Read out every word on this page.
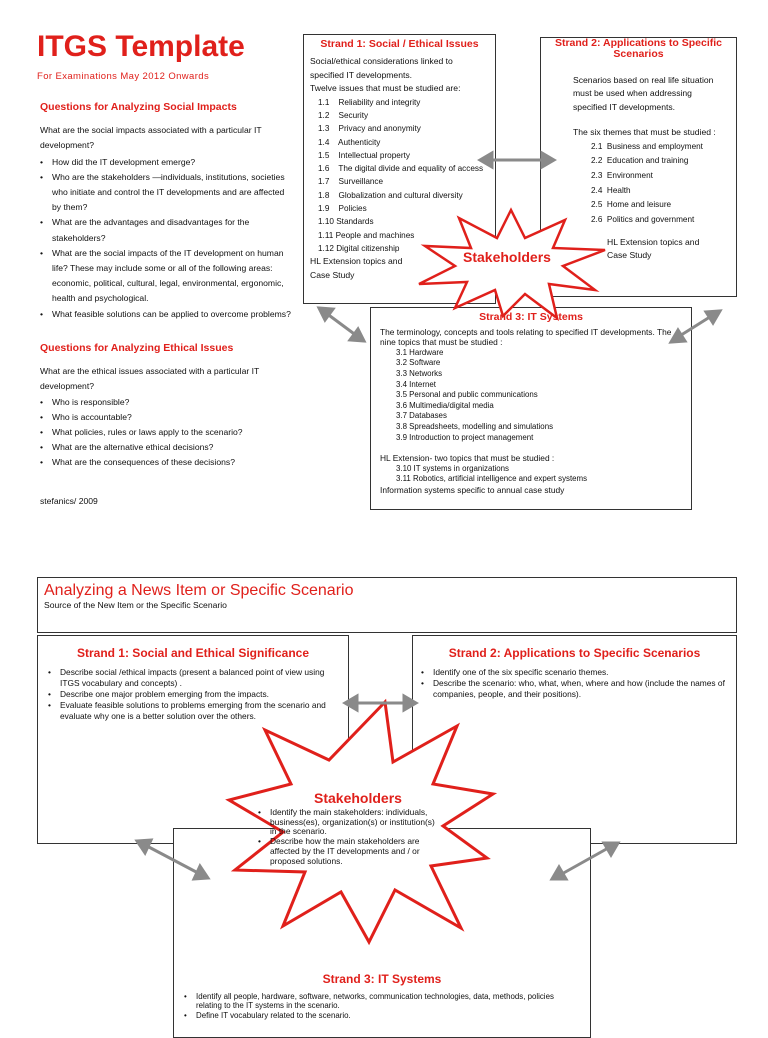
ITGS Template
For Examinations May 2012 Onwards
Questions for Analyzing Social Impacts
What are the social impacts associated with a particular IT development?
• How did the IT development emerge?
• Who are the stakeholders —individuals, institutions, societies who initiate and control the IT developments and are affected by them?
• What are the advantages and disadvantages for the stakeholders?
• What are the social impacts of the IT development on human life? These may include some or all of the following areas: economic, political, cultural, legal, environmental, ergonomic, health and psychological.
• What feasible solutions can be applied to overcome problems?
Questions for Analyzing Ethical Issues
What are the ethical issues associated with a particular IT development?
• Who is responsible?
• Who is accountable?
• What policies, rules or laws apply to the scenario?
• What are the alternative ethical decisions?
• What are the consequences of these decisions?
stefanics/ 2009
Strand 1: Social / Ethical Issues
Social/ethical considerations linked to specified IT developments.
Twelve issues that must be studied are:
1.1    Reliability and integrity
1.2    Security
1.3    Privacy and anonymity
1.4    Authenticity
1.5    Intellectual property
1.6    The digital divide and equality of access
1.7    Surveillance
1.8    Globalization and cultural diversity
1.9    Policies
1.10 Standards
1.11 People and machines
1.12 Digital citizenship
HL Extension topics and Case Study
Strand 2: Applications to Specific Scenarios
Scenarios based on real life situation must be used when addressing specified IT developments.
The six themes that must be studied :
2.1  Business and employment
2.2  Education and training
2.3  Environment
2.4  Health
2.5  Home and leisure
2.6  Politics and government
HL Extension topics and Case Study
Strand 3: IT Systems
The terminology, concepts and tools relating to specified IT developments. The nine topics that must be studied :
3.1 Hardware
3.2 Software
3.3 Networks
3.4 Internet
3.5 Personal and public communications
3.6 Multimedia/digital media
3.7 Databases
3.8 Spreadsheets, modelling and simulations
3.9 Introduction to project management
HL Extension- two topics that must be studied :
3.10 IT systems in organizations
3.11 Robotics, artificial intelligence and expert systems
Information systems specific to annual case study
Stakeholders
Analyzing a News Item or Specific Scenario
Source of the New Item or the Specific Scenario
Strand 1: Social and Ethical Significance
• Describe social /ethical impacts (present a balanced point of view using ITGS vocabulary and concepts) .
• Describe one major problem emerging from the impacts.
• Evaluate feasible solutions to problems emerging from the scenario and evaluate why one is a better solution over the others.
Strand 2: Applications to Specific Scenarios
• Identify one of the six specific scenario themes.
• Describe the scenario: who, what, when, where and how (include the names of companies, people, and their positions).
Strand 3: IT Systems
• Identify all people, hardware, software, networks, communication technologies, data, methods, policies relating to the IT systems in the scenario.
• Define IT vocabulary related to the scenario.
Stakeholders
• Identify the main stakeholders: individuals, business(es), organization(s) or institution(s) in the scenario.
• Describe how the main stakeholders are affected by the IT developments and / or proposed solutions.
